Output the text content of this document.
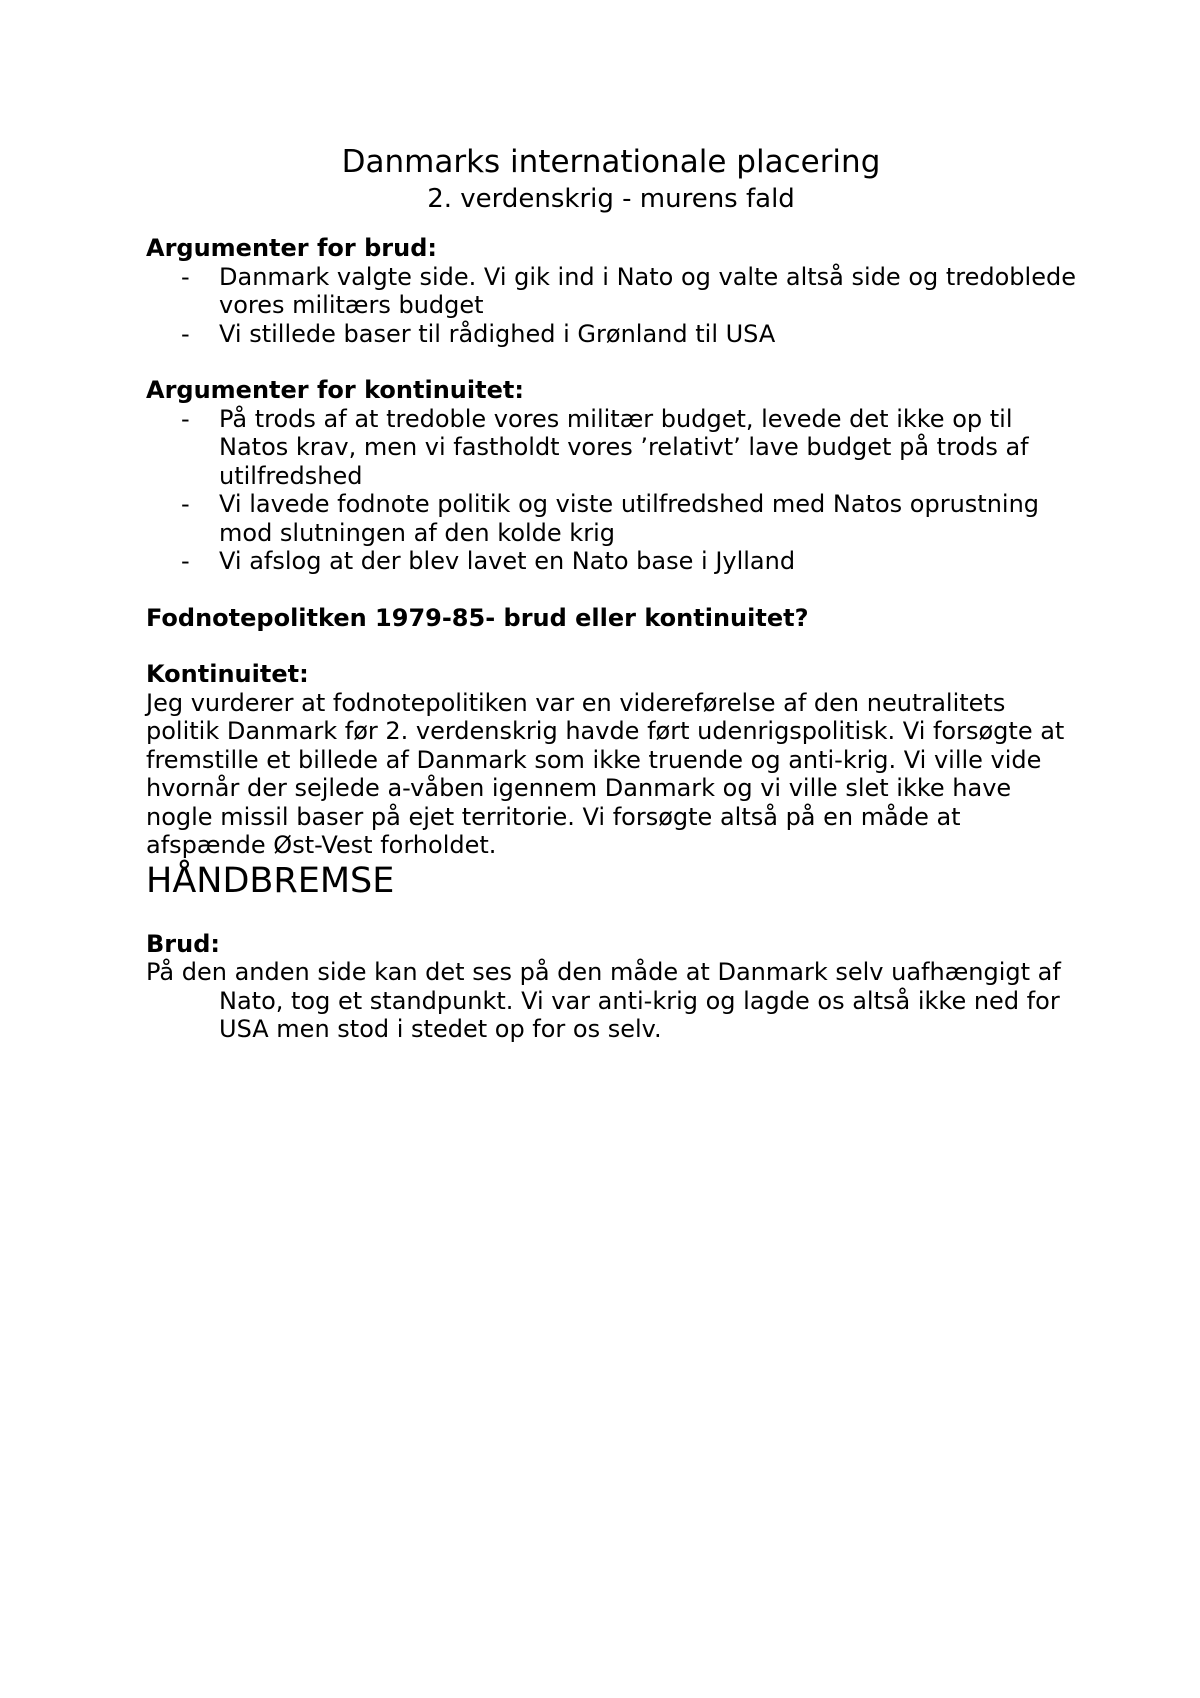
Danmarks internationale placering
2. verdenskrig - murens fald

Argumenter for brud:

- Danmark valgte side. Vi gik ind i Nato og valte altså side og tredoblede vores militærs budget
- Vi stillede baser til rådighed i Grønland til USA

Argumenter for kontinuitet:

- På trods af at tredoble vores militær budget, levede det ikke op til Natos krav, men vi fastholdt vores ’relativt’ lave budget på trods af utilfredshed
- Vi lavede fodnote politik og viste utilfredshed med Natos oprustning mod slutningen af den kolde krig
- Vi afslog at der blev lavet en Nato base i Jylland

Fodnotepolitken 1979-85- brud eller kontinuitet?

Kontinuitet:

Jeg vurderer at fodnotepolitiken var en videreførelse af den neutralitets politik Danmark før 2. verdenskrig havde ført udenrigspolitisk. Vi forsøgte at fremstille et billede af Danmark som ikke truende og anti-krig. Vi ville vide hvornår der sejlede a-våben igennem Danmark og vi ville slet ikke have nogle missil baser på ejet territorie. Vi forsøgte altså på en måde at afspænde Øst-Vest forholdet.

HÅNDBREMSE

Brud:

På den anden side kan det ses på den måde at Danmark selv uafhængigt af Nato, tog et standpunkt. Vi var anti-krig og lagde os altså ikke ned for USA men stod i stedet op for os selv.
